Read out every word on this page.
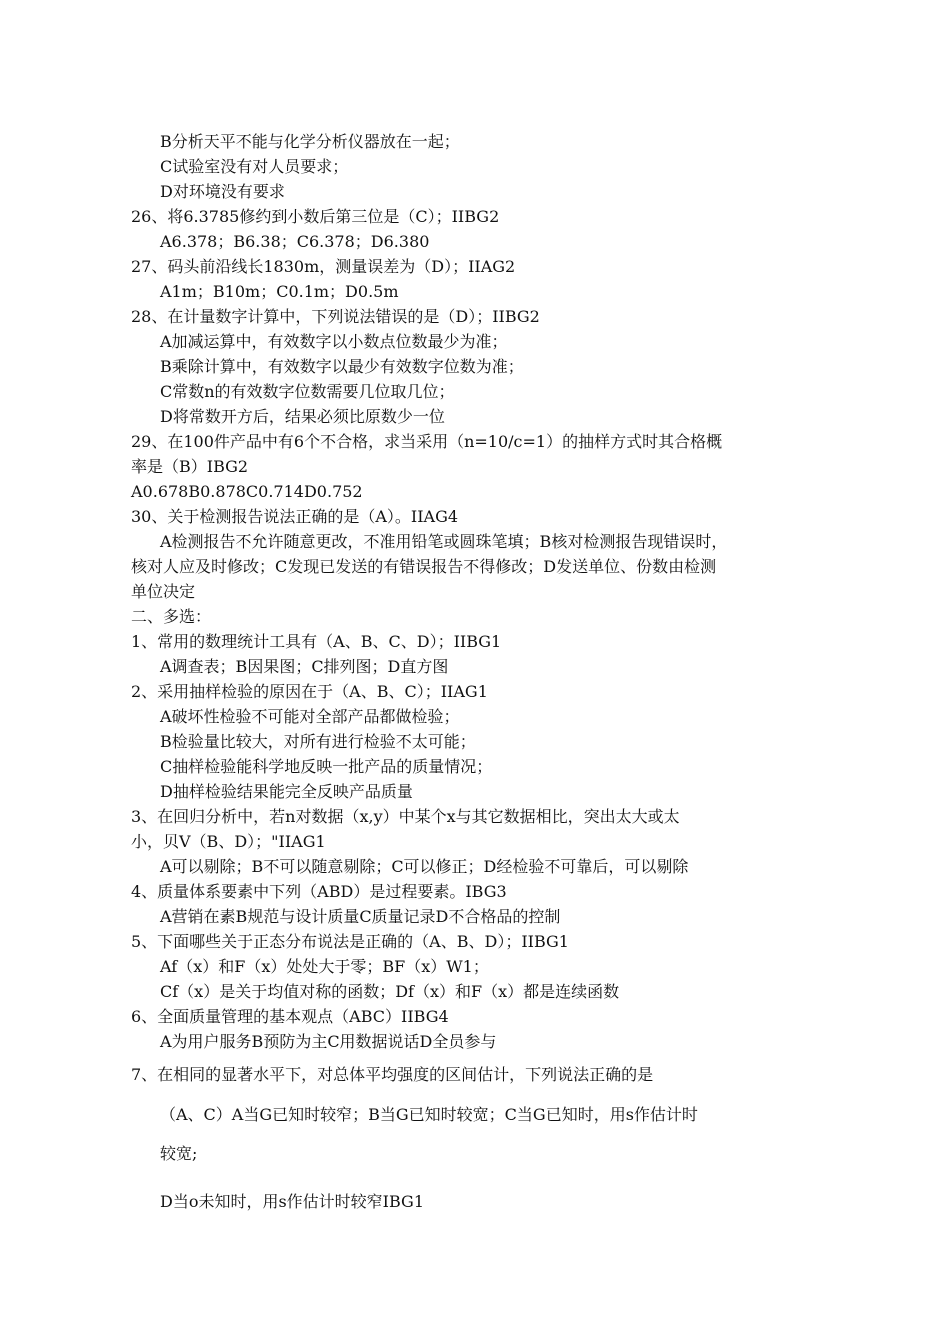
B分析天平不能与化学分析仪器放在一起；
C试验室没有对人员要求；
D对环境没有要求
26、将6.3785修约到小数后第三位是（C）；IIBG2
A6.378；B6.38；C6.378；D6.380
27、码头前沿线长1830m，测量误差为（D）；IIAG2
A1m；B10m；C0.1m；D0.5m
28、在计量数字计算中，下列说法错误的是（D）；IIBG2
A加减运算中，有效数字以小数点位数最少为准；
B乘除计算中，有效数字以最少有效数字位数为准；
C常数n的有效数字位数需要几位取几位；
D将常数开方后，结果必须比原数少一位
29、在100件产品中有6个不合格，求当采用（n=10/c=1）的抽样方式时其合格概
率是（B）IBG2
A0.678B0.878C0.714D0.752
30、关于检测报告说法正确的是（A）。IIAG4
A检测报告不允许随意更改，不准用铅笔或圆珠笔填；B核对检测报告现错误时，
核对人应及时修改；C发现已发送的有错误报告不得修改；D发送单位、份数由检测
单位决定
二、多选：
1、常用的数理统计工具有（A、B、C、D）；IIBG1
A调查表；B因果图；C排列图；D直方图
2、采用抽样检验的原因在于（A、B、C）；IIAG1
A破坏性检验不可能对全部产品都做检验；
B检验量比较大，对所有进行检验不太可能；
C抽样检验能科学地反映一批产品的质量情况；
D抽样检验结果能完全反映产品质量
3、在回归分析中，若n对数据（x,y）中某个x与其它数据相比，突出太大或太
小，贝V（B、D）；"IIAG1
A可以剔除；B不可以随意剔除；C可以修正；D经检验不可靠后，可以剔除
4、质量体系要素中下列（ABD）是过程要素。IBG3
A营销在素B规范与设计质量C质量记录D不合格品的控制
5、下面哪些关于正态分布说法是正确的（A、B、D）；IIBG1
Af（x）和F（x）处处大于零；BF（x）W1；
Cf（x）是关于均值对称的函数；Df（x）和F（x）都是连续函数
6、全面质量管理的基本观点（ABC）IIBG4
A为用户服务B预防为主C用数据说话D全员参与
7、在相同的显著水平下，对总体平均强度的区间估计，下列说法正确的是
（A、C）A当G已知时较窄；B当G已知时较宽；C当G已知时，用s作估计时
较宽;
D当o未知时，用s作估计时较窄IBG1
